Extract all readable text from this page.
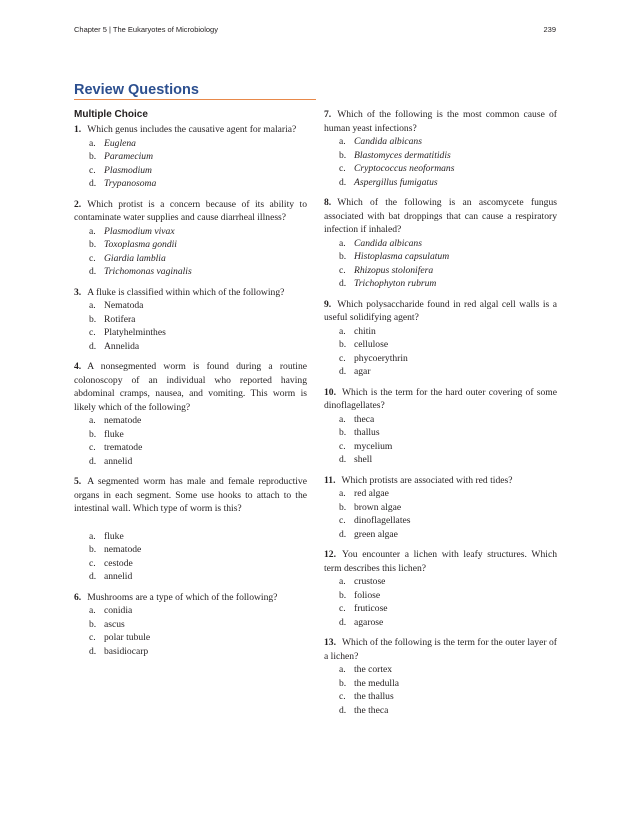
Chapter 5 | The Eukaryotes of Microbiology	239
Review Questions
Multiple Choice
1. Which genus includes the causative agent for malaria?
a. Euglena
b. Paramecium
c. Plasmodium
d. Trypanosoma
2. Which protist is a concern because of its ability to contaminate water supplies and cause diarrheal illness?
a. Plasmodium vivax
b. Toxoplasma gondii
c. Giardia lamblia
d. Trichomonas vaginalis
3. A fluke is classified within which of the following?
a. Nematoda
b. Rotifera
c. Platyhelminthes
d. Annelida
4. A nonsegmented worm is found during a routine colonoscopy of an individual who reported having abdominal cramps, nausea, and vomiting. This worm is likely which of the following?
a. nematode
b. fluke
c. trematode
d. annelid
5. A segmented worm has male and female reproductive organs in each segment. Some use hooks to attach to the intestinal wall. Which type of worm is this?
a. fluke
b. nematode
c. cestode
d. annelid
6. Mushrooms are a type of which of the following?
a. conidia
b. ascus
c. polar tubule
d. basidiocarp
7. Which of the following is the most common cause of human yeast infections?
a. Candida albicans
b. Blastomyces dermatitidis
c. Cryptococcus neoformans
d. Aspergillus fumigatus
8. Which of the following is an ascomycete fungus associated with bat droppings that can cause a respiratory infection if inhaled?
a. Candida albicans
b. Histoplasma capsulatum
c. Rhizopus stolonifera
d. Trichophyton rubrum
9. Which polysaccharide found in red algal cell walls is a useful solidifying agent?
a. chitin
b. cellulose
c. phycoerythrin
d. agar
10. Which is the term for the hard outer covering of some dinoflagellates?
a. theca
b. thallus
c. mycelium
d. shell
11. Which protists are associated with red tides?
a. red algae
b. brown algae
c. dinoflagellates
d. green algae
12. You encounter a lichen with leafy structures. Which term describes this lichen?
a. crustose
b. foliose
c. fruticose
d. agarose
13. Which of the following is the term for the outer layer of a lichen?
a. the cortex
b. the medulla
c. the thallus
d. the theca
